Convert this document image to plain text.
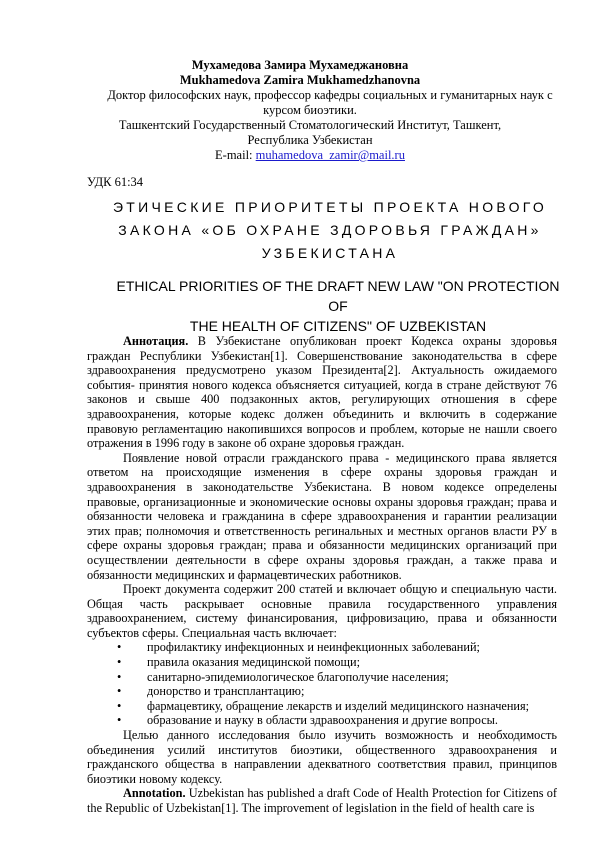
Мухамедова Замира Мухамеджановна
Mukhamedova Zamira Mukhamedzhanovna
Доктор философских наук, профессор кафедры социальных и гуманитарных наук с
курсом биоэтики.
Ташкентский Государственный Стоматологический Институт, Ташкент,
Республика Узбекистан
E-mail: muhamedova_zamir@mail.ru
УДК 61:34
ЭТИЧЕСКИЕ ПРИОРИТЕТЫ ПРОЕКТА НОВОГО
ЗАКОНА «ОБ ОХРАНЕ ЗДОРОВЬЯ ГРАЖДАН»
УЗБЕКИСТАНА
ETHICAL PRIORITIES OF THE DRAFT NEW LAW "ON PROTECTION OF
THE HEALTH OF CITIZENS" OF UZBEKISTAN

Аннотация. В Узбекистане опубликован проект Кодекса охраны здоровья граждан Республики Узбекистан[1]. Совершенствование законодательства в сфере здравоохранения предусмотрено указом Президента[2]. Актуальность ожидаемого события- принятия нового кодекса объясняется ситуацией, когда в стране действуют 76 законов и свыше 400 подзаконных актов, регулирующих отношения в сфере здравоохранения, которые кодекс должен объединить и включить в содержание правовую регламентацию накопившихся вопросов и проблем, которые не нашли своего отражения в 1996 году в законе об охране здоровья граждан.

Появление новой отрасли гражданского права - медицинского права является ответом на происходящие изменения в сфере охраны здоровья граждан и здравоохранения в законодательстве Узбекистана. В новом кодексе определены правовые, организационные и экономические основы охраны здоровья граждан; права и обязанности человека и гражданина в сфере здравоохранения и гарантии реализации этих прав; полномочия и ответственность регинальных и местных органов власти РУ в сфере охраны здоровья граждан; права и обязанности медицинских организаций при осуществлении деятельности в сфере охраны здоровья граждан, а также права и обязанности медицинских и фармацевтических работников.

Проект документа содержит 200 статей и включает общую и специальную части. Общая часть раскрывает основные правила государственного управления здравоохранением, систему финансирования, цифровизацию, права и обязанности субъектов сферы. Специальная часть включает:

• профилактику инфекционных и неинфекционных заболеваний;
• правила оказания медицинской помощи;
• санитарно-эпидемиологическое благополучие населения;
• донорство и трансплантацию;
• фармацевтику, обращение лекарств и изделий медицинского назначения;
• образование и науку в области здравоохранения и другие вопросы.

Целью данного исследования было изучить возможность и необходимость объединения усилий институтов биоэтики, общественного здравоохранения и гражданского общества в направлении адекватного соответствия правил, принципов биоэтики новому кодексу.

Annotation. Uzbekistan has published a draft Code of Health Protection for Citizens of the Republic of Uzbekistan[1]. The improvement of legislation in the field of health care is
